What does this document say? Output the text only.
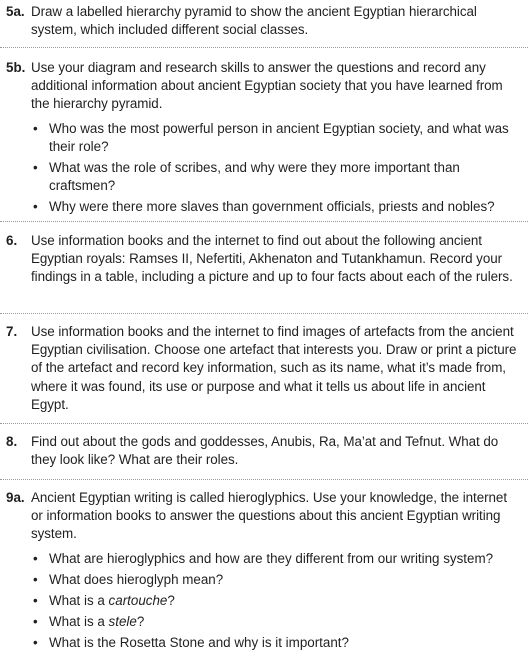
5a. Draw a labelled hierarchy pyramid to show the ancient Egyptian hierarchical system, which included different social classes.
5b. Use your diagram and research skills to answer the questions and record any additional information about ancient Egyptian society that you have learned from the hierarchy pyramid.
• Who was the most powerful person in ancient Egyptian society, and what was their role?
• What was the role of scribes, and why were they more important than craftsmen?
• Why were there more slaves than government officials, priests and nobles?
6. Use information books and the internet to find out about the following ancient Egyptian royals: Ramses II, Nefertiti, Akhenaton and Tutankhamun. Record your findings in a table, including a picture and up to four facts about each of the rulers.
7. Use information books and the internet to find images of artefacts from the ancient Egyptian civilisation. Choose one artefact that interests you. Draw or print a picture of the artefact and record key information, such as its name, what it’s made from, where it was found, its use or purpose and what it tells us about life in ancient Egypt.
8. Find out about the gods and goddesses, Anubis, Ra, Ma’at and Tefnut. What do they look like? What are their roles.
9a. Ancient Egyptian writing is called hieroglyphics. Use your knowledge, the internet or information books to answer the questions about this ancient Egyptian writing system.
• What are hieroglyphics and how are they different from our writing system?
• What does hieroglyph mean?
• What is a cartouche?
• What is a stele?
• What is the Rosetta Stone and why is it important?
